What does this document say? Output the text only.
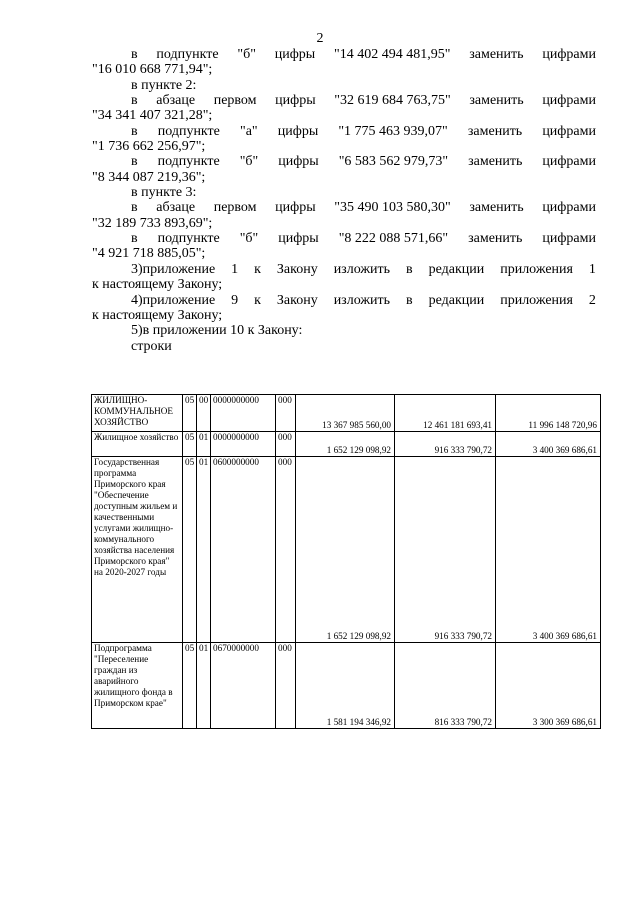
2
в подпункте "б" цифры "14 402 494 481,95" заменить цифрами
"16 010 668 771,94";
в пункте 2:
в абзаце первом цифры "32 619 684 763,75" заменить цифрами
"34 341 407 321,28";
в подпункте "а" цифры "1 775 463 939,07" заменить цифрами
"1 736 662 256,97";
в подпункте "б" цифры "6 583 562 979,73" заменить цифрами
"8 344 087 219,36";
в пункте 3:
в абзаце первом цифры "35 490 103 580,30" заменить цифрами
"32 189 733 893,69";
в подпункте "б" цифры "8 222 088 571,66" заменить цифрами
"4 921 718 885,05";
3)приложение 1 к Закону изложить в редакции приложения 1
к настоящему Закону;
4)приложение 9 к Закону изложить в редакции приложения 2
к настоящему Закону;
5)в приложении 10 к Закону:
строки
ЖИЛИЩНО-КОММУНАЛЬНОЕ ХОЗЯЙСТВО	05	00	0000000000	000	13 367 985 560,00	12 461 181 693,41	11 996 148 720,96
Жилищное хозяйство	05	01	0000000000	000	1 652 129 098,92	916 333 790,72	3 400 369 686,61
Государственная программа Приморского края "Обеспечение доступным жильем и качественными услугами жилищно-коммунального хозяйства населения Приморского края" на 2020-2027 годы	05	01	0600000000	000	1 652 129 098,92	916 333 790,72	3 400 369 686,61
Подпрограмма "Переселение граждан из аварийного жилищного фонда в Приморском крае"	05	01	0670000000	000	1 581 194 346,92	816 333 790,72	3 300 369 686,61
